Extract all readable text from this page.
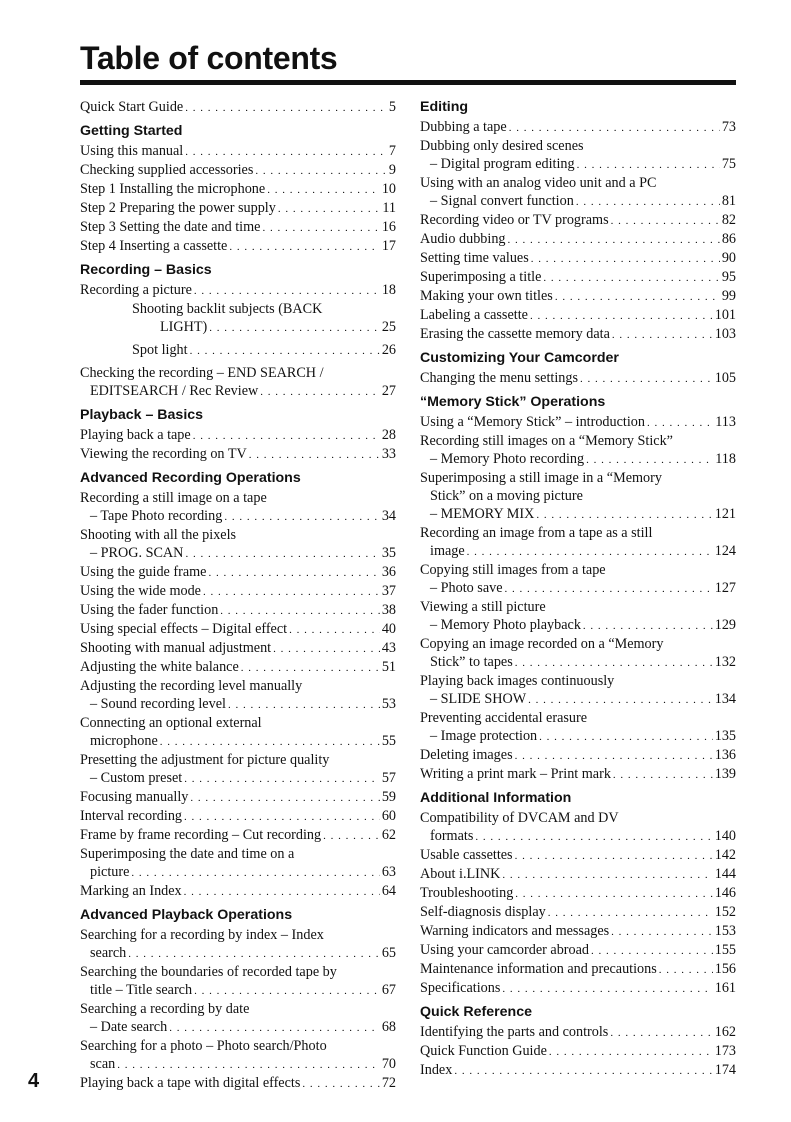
Table of contents
Quick Start Guide . . .	5
Getting Started
Using this manual . . .	7
Checking supplied accessories . . .	9
Step 1 Installing the microphone . . .	10
Step 2 Preparing the power supply . . .	11
Step 3 Setting the date and time . . .	16
Step 4 Inserting a cassette . . .	17
Recording – Basics
Recording a picture . . .	18
Shooting backlit subjects (BACK
LIGHT) . . .	25
Spot light . . .	26
Checking the recording – END SEARCH /
EDITSEARCH / Rec Review . . .	27
Playback – Basics
Playing back a tape . . .	28
Viewing the recording on TV . . .	33
Advanced Recording Operations
Recording a still image on a tape
– Tape Photo recording . . .	34
Shooting with all the pixels
– PROG. SCAN . . .	35
Using the guide frame . . .	36
Using the wide mode . . .	37
Using the fader function . . .	38
Using special effects – Digital effect . . .	40
Shooting with manual adjustment . . .	43
Adjusting the white balance . . .	51
Adjusting the recording level manually
– Sound recording level . . .	53
Connecting an optional external
microphone . . .	55
Presetting the adjustment for picture quality
– Custom preset . . .	57
Focusing manually . . .	59
Interval recording . . .	60
Frame by frame recording – Cut recording . . .	62
Superimposing the date and time on a
picture . . .	63
Marking an Index . . .	64
Advanced Playback Operations
Searching for a recording by index – Index
search . . .	65
Searching the boundaries of recorded tape by
title – Title search . . .	67
Searching a recording by date
– Date search . . .	68
Searching for a photo – Photo search/Photo
scan . . .	70
Playing back a tape with digital effects . . .	72
Editing
Dubbing a tape . . .	73
Dubbing only desired scenes
– Digital program editing . . .	75
Using with an analog video unit and a PC
– Signal convert function . . .	81
Recording video or TV programs . . .	82
Audio dubbing . . .	86
Setting time values . . .	90
Superimposing a title . . .	95
Making your own titles . . .	99
Labeling a cassette . . .	101
Erasing the cassette memory data . . .	103
Customizing Your Camcorder
Changing the menu settings . . .	105
“Memory Stick” Operations
Using a “Memory Stick” – introduction . . .	113
Recording still images on a “Memory Stick”
– Memory Photo recording . . .	118
Superimposing a still image in a “Memory
Stick” on a moving picture
– MEMORY MIX . . .	121
Recording an image from a tape as a still
image . . .	124
Copying still images from a tape
– Photo save . . .	127
Viewing a still picture
– Memory Photo playback . . .	129
Copying an image recorded on a “Memory
Stick” to tapes . . .	132
Playing back images continuously
– SLIDE SHOW . . .	134
Preventing accidental erasure
– Image protection . . .	135
Deleting images . . .	136
Writing a print mark – Print mark . . .	139
Additional Information
Compatibility of DVCAM and DV
formats . . .	140
Usable cassettes . . .	142
About i.LINK . . .	144
Troubleshooting . . .	146
Self-diagnosis display . . .	152
Warning indicators and messages . . .	153
Using your camcorder abroad . . .	155
Maintenance information and precautions . . .	156
Specifications . . .	161
Quick Reference
Identifying the parts and controls . . .	162
Quick Function Guide . . .	173
Index . . .	174
4
